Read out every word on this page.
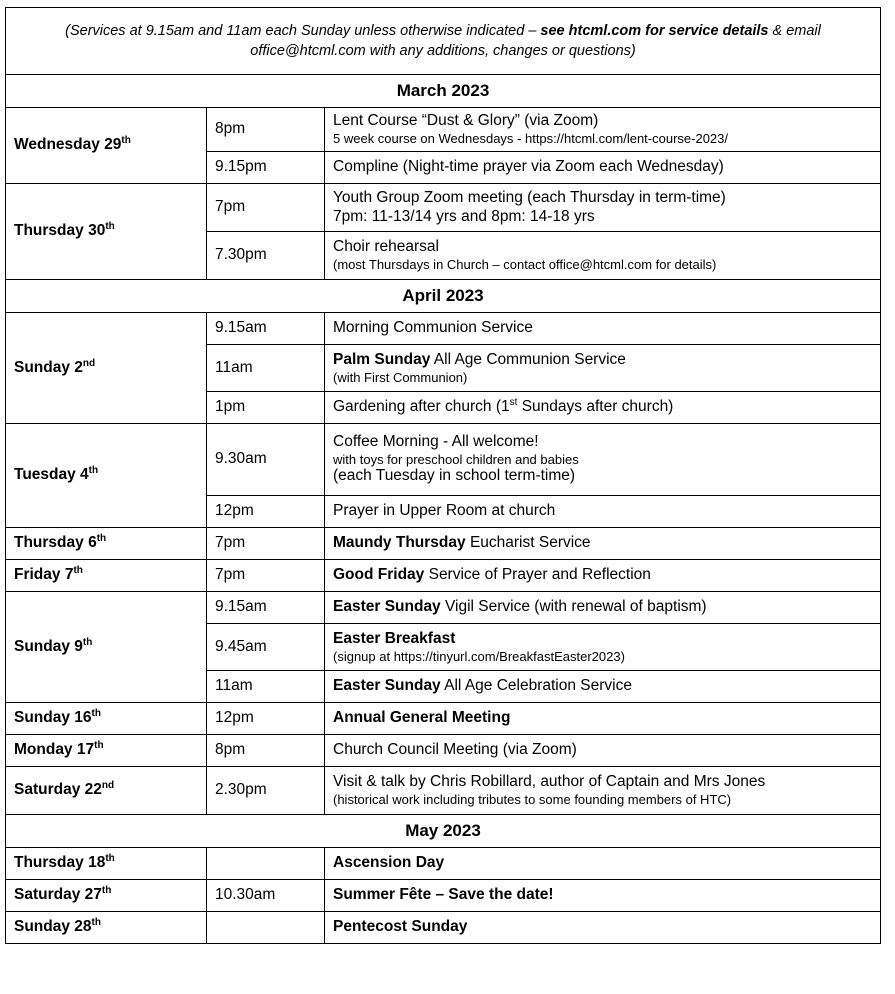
(Services at 9.15am and 11am each Sunday unless otherwise indicated – see htcml.com for service details & email office@htcml.com with any additions, changes or questions)		
March 2023		
Wednesday 29th	8pm	Lent Course “Dust & Glory” (via Zoom)
5 week course on Wednesdays - https://htcml.com/lent-course-2023/

	9.15pm	Compline (Night-time prayer via Zoom each Wednesday)
Thursday 30th	7pm	Youth Group Zoom meeting (each Thursday in term-time)
7pm: 11-13/14 yrs and 8pm: 14-18 yrs

	7.30pm	Choir rehearsal
(most Thursdays in Church – contact office@htcml.com for details)

April 2023		
Sunday 2nd	9.15am	Morning Communion Service
	11am	Palm Sunday All Age Communion Service
(with First Communion)

	1pm	Gardening after church (1st Sundays after church)
Tuesday 4th	9.30am	Coffee Morning - All welcome!
with toys for preschool children and babies
(each Tuesday in school term-time)

	12pm	Prayer in Upper Room at church
Thursday 6th	7pm	Maundy Thursday Eucharist Service
Friday 7th	7pm	Good Friday Service of Prayer and Reflection
Sunday 9th	9.15am	Easter Sunday Vigil Service (with renewal of baptism)
	9.45am	Easter Breakfast
(signup at https://tinyurl.com/BreakfastEaster2023)

	11am	Easter Sunday All Age Celebration Service
Sunday 16th	12pm	Annual General Meeting
Monday 17th	8pm	Church Council Meeting (via Zoom)
Saturday 22nd	2.30pm	Visit & talk by Chris Robillard, author of Captain and Mrs Jones
(historical work including tributes to some founding members of HTC)

May 2023		
Thursday 18th		Ascension Day
Saturday 27th	10.30am	Summer Fête – Save the date!
Sunday 28th		Pentecost Sunday
